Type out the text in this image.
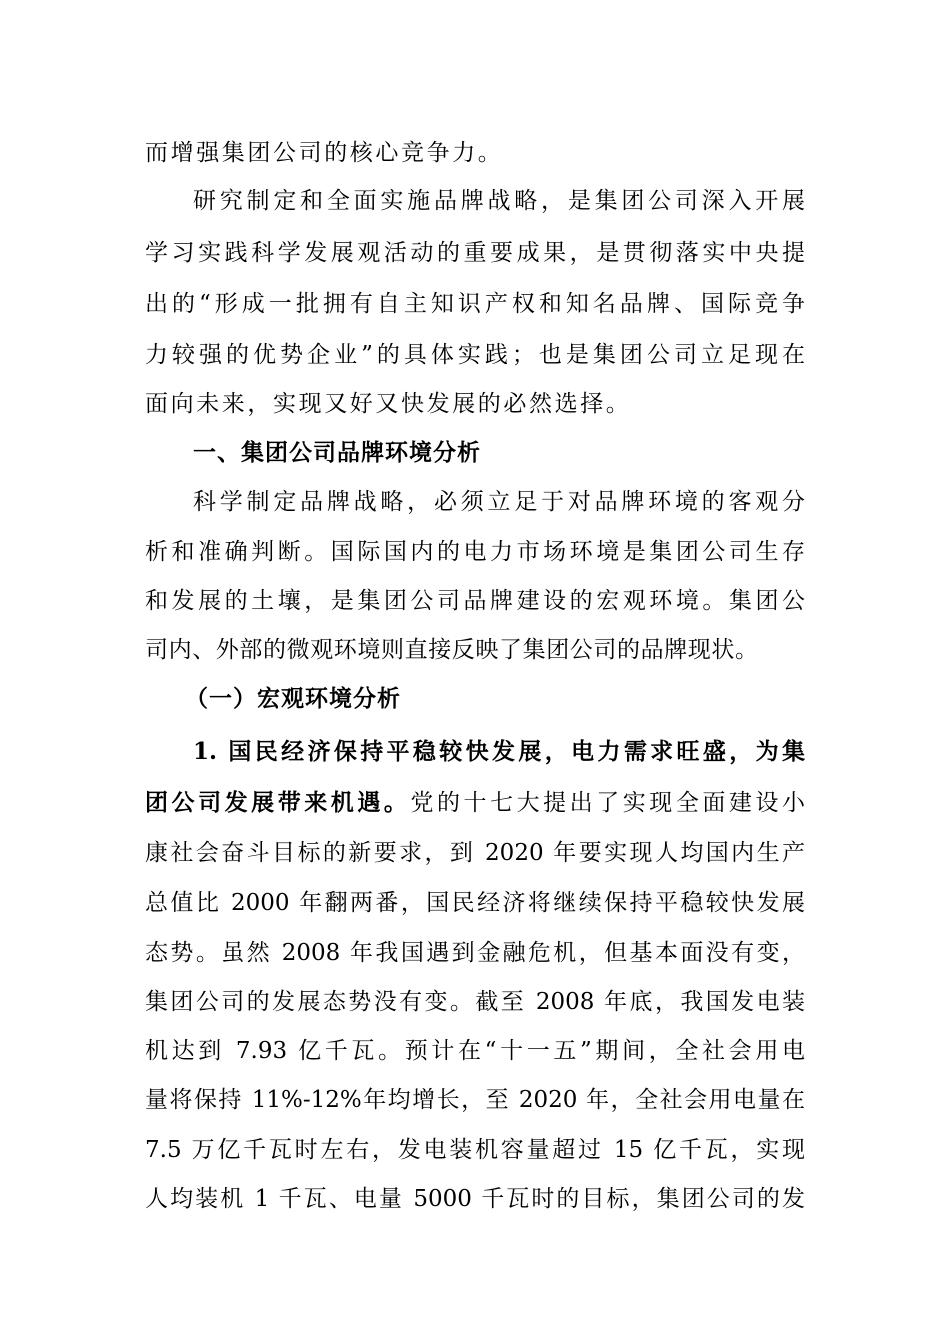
而增强集团公司的核心竞争力。
研究制定和全面实施品牌战略，是集团公司深入开展
学习实践科学发展观活动的重要成果，是贯彻落实中央提
出的“形成一批拥有自主知识产权和知名品牌、国际竞争
力较强的优势企业”的具体实践；也是集团公司立足现在
面向未来，实现又好又快发展的必然选择。
一、集团公司品牌环境分析
科学制定品牌战略，必须立足于对品牌环境的客观分
析和准确判断。国际国内的电力市场环境是集团公司生存
和发展的土壤，是集团公司品牌建设的宏观环境。集团公
司内、外部的微观环境则直接反映了集团公司的品牌现状。
（一）宏观环境分析
1. 国民经济保持平稳较快发展，电力需求旺盛，为集
团公司发展带来机遇。党的十七大提出了实现全面建设小
康社会奋斗目标的新要求，到 2020 年要实现人均国内生产
总值比 2000 年翻两番，国民经济将继续保持平稳较快发展
态势。虽然 2008 年我国遇到金融危机，但基本面没有变，
集团公司的发展态势没有变。截至 2008 年底，我国发电装
机达到 7.93 亿千瓦。预计在“十一五”期间，全社会用电
量将保持 11%-12%年均增长，至 2020 年，全社会用电量在
7.5 万亿千瓦时左右，发电装机容量超过 15 亿千瓦，实现
人均装机 1 千瓦、电量 5000 千瓦时的目标，集团公司的发
